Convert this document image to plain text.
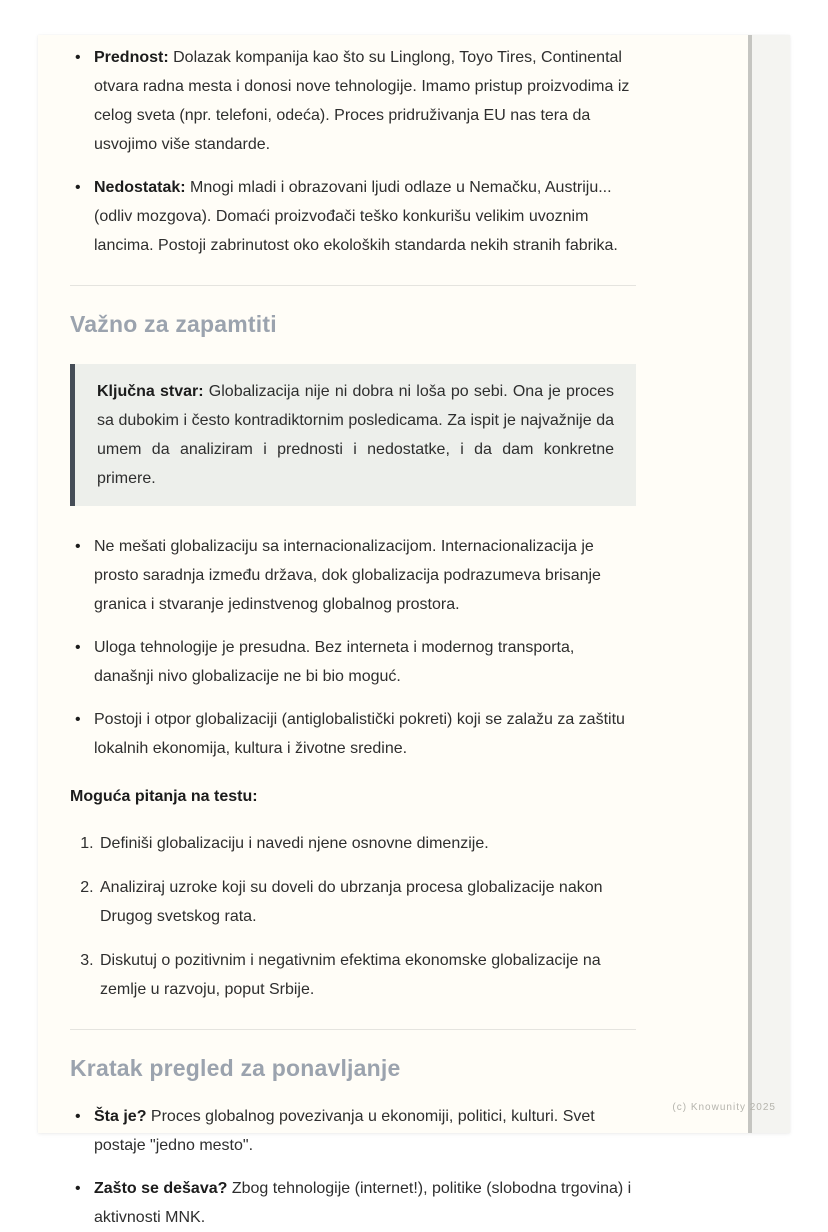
• Prednost: Dolazak kompanija kao što su Linglong, Toyo Tires, Continental otvara radna mesta i donosi nove tehnologije. Imamo pristup proizvodima iz celog sveta (npr. telefoni, odeća). Proces pridruživanja EU nas tera da usvojimo više standarde.
• Nedostatak: Mnogi mladi i obrazovani ljudi odlaze u Nemačku, Austriju... (odliv mozgova). Domaći proizvođači teško konkurišu velikim uvoznim lancima. Postoji zabrinutost oko ekoloških standarda nekih stranih fabrika.
Važno za zapamtiti

Ključna stvar: Globalizacija nije ni dobra ni loša po sebi. Ona je proces sa dubokim i često kontradiktornim posledicama. Za ispit je najvažnije da umem da analiziram i prednosti i nedostatke, i da dam konkretne primere.

• Ne mešati globalizaciju sa internacionalizacijom. Internacionalizacija je prosto saradnja između država, dok globalizacija podrazumeva brisanje granica i stvaranje jedinstvenog globalnog prostora.
• Uloga tehnologije je presudna. Bez interneta i modernog transporta, današnji nivo globalizacije ne bi bio moguć.
• Postoji i otpor globalizaciji (antiglobalistički pokreti) koji se zalažu za zaštitu lokalnih ekonomija, kultura i životne sredine.

Moguća pitanja na testu:

1. Definiši globalizaciju i navedi njene osnovne dimenzije.
2. Analiziraj uzroke koji su doveli do ubrzanja procesa globalizacije nakon Drugog svetskog rata.
3. Diskutuj o pozitivnim i negativnim efektima ekonomske globalizacije na zemlje u razvoju, poput Srbije.
Kratak pregled za ponavljanje
• Šta je? Proces globalnog povezivanja u ekonomiji, politici, kulturi. Svet postaje "jedno mesto".
• Zašto se dešava? Zbog tehnologije (internet!), politike (slobodna trgovina) i aktivnosti MNK.
(c) Knowunity 2025
